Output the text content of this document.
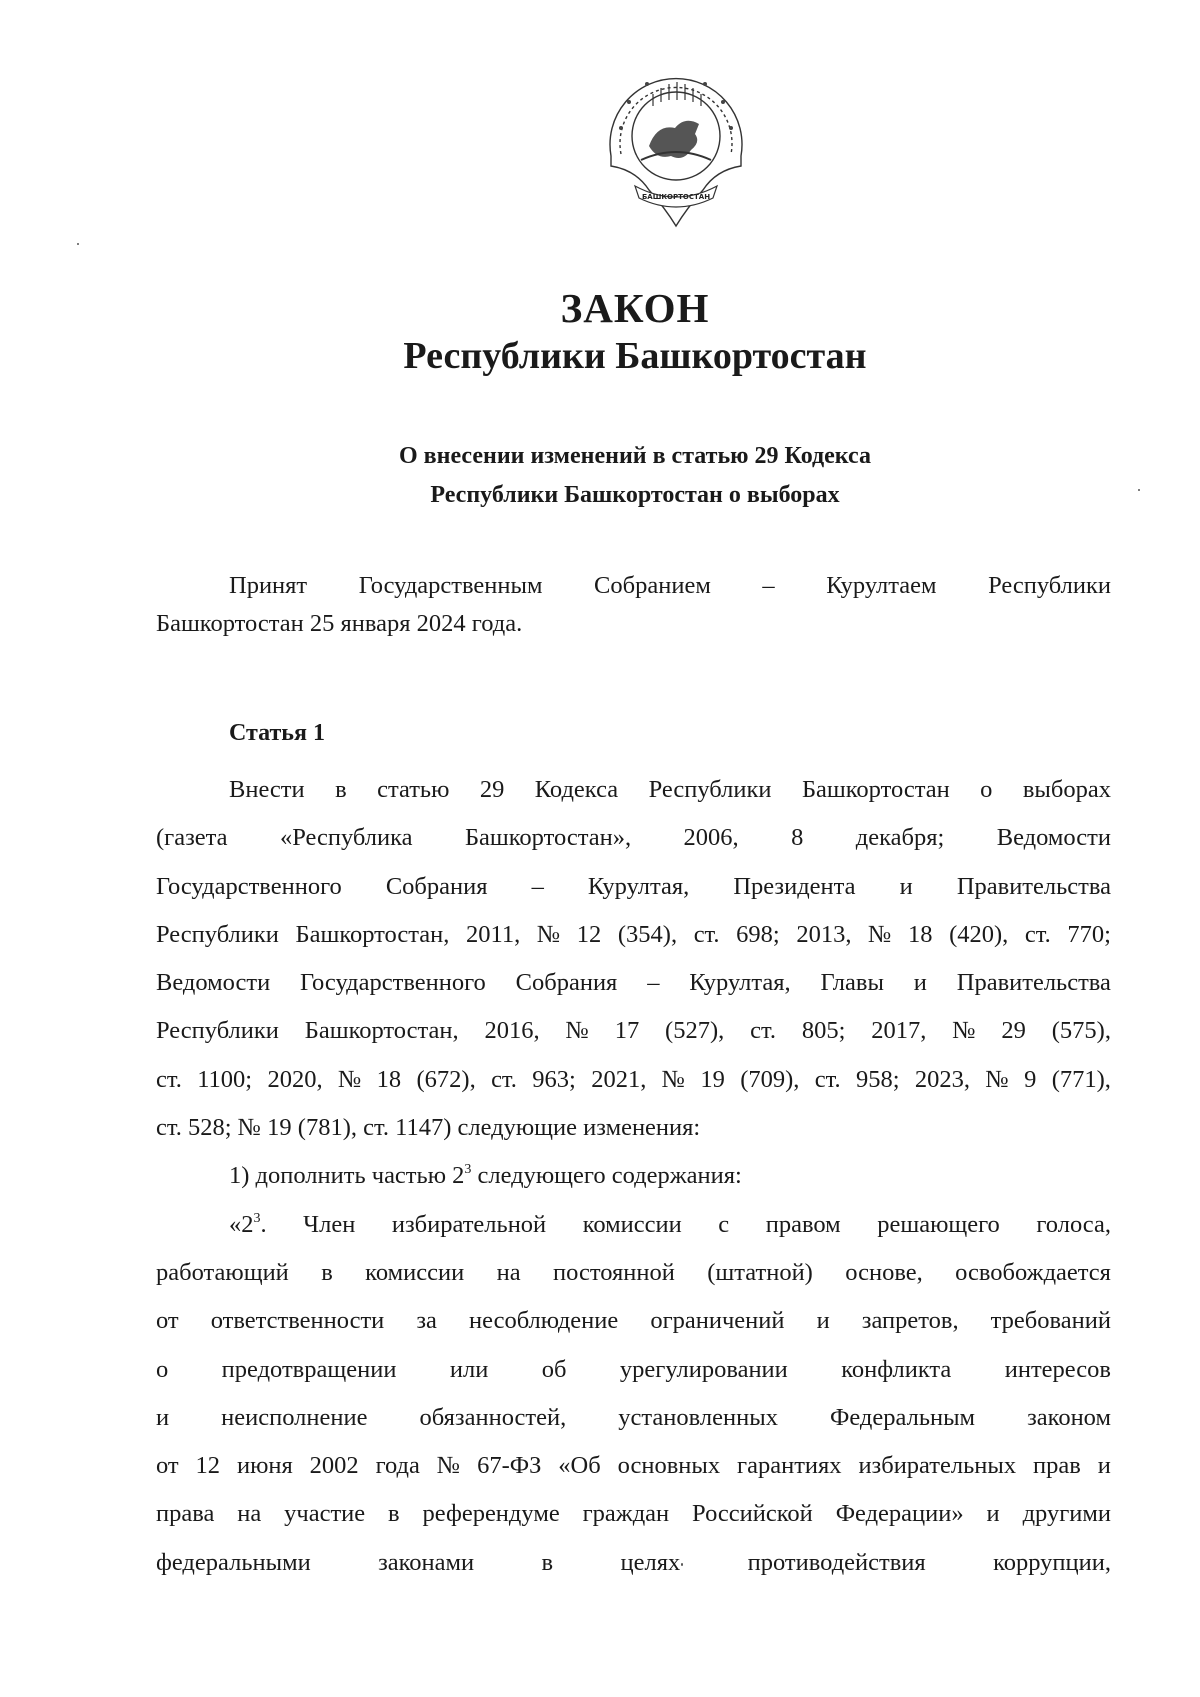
БАШКОРТОСТАН
ЗАКОН
Республики Башкортостан

О внесении изменений в статью 29 Кодекса
Республики Башкортостан о выборах

Принят Государственным Собранием – Курултаем Республики
Башкортостан 25 января 2024 года.
Статья 1
Внести в статью 29 Кодекса Республики Башкортостан о выборах
(газета «Республика Башкортостан», 2006, 8 декабря; Ведомости
Государственного Собрания – Курултая, Президента и Правительства
Республики Башкортостан, 2011, № 12 (354), ст. 698; 2013, № 18 (420), ст. 770;
Ведомости Государственного Собрания – Курултая, Главы и Правительства
Республики Башкортостан, 2016, № 17 (527), ст. 805; 2017, № 29 (575),
ст. 1100; 2020, № 18 (672), ст. 963; 2021, № 19 (709), ст. 958; 2023, № 9 (771),
ст. 528; № 19 (781), ст. 1147) следующие изменения:
1) дополнить частью $2^3$ следующего содержания:
«$2^3$. Член избирательной комиссии с правом решающего голоса,
работающий в комиссии на постоянной (штатной) основе, освобождается
от ответственности за несоблюдение ограничений и запретов, требований
о предотвращении или об урегулировании конфликта интересов
и неисполнение обязанностей, установленных Федеральным законом
от 12 июня 2002 года № 67-ФЗ «Об основных гарантиях избирательных прав и
права на участие в референдуме граждан Российской Федерации» и другими
федеральными	законами	в	целях	противодействия	коррупции,
